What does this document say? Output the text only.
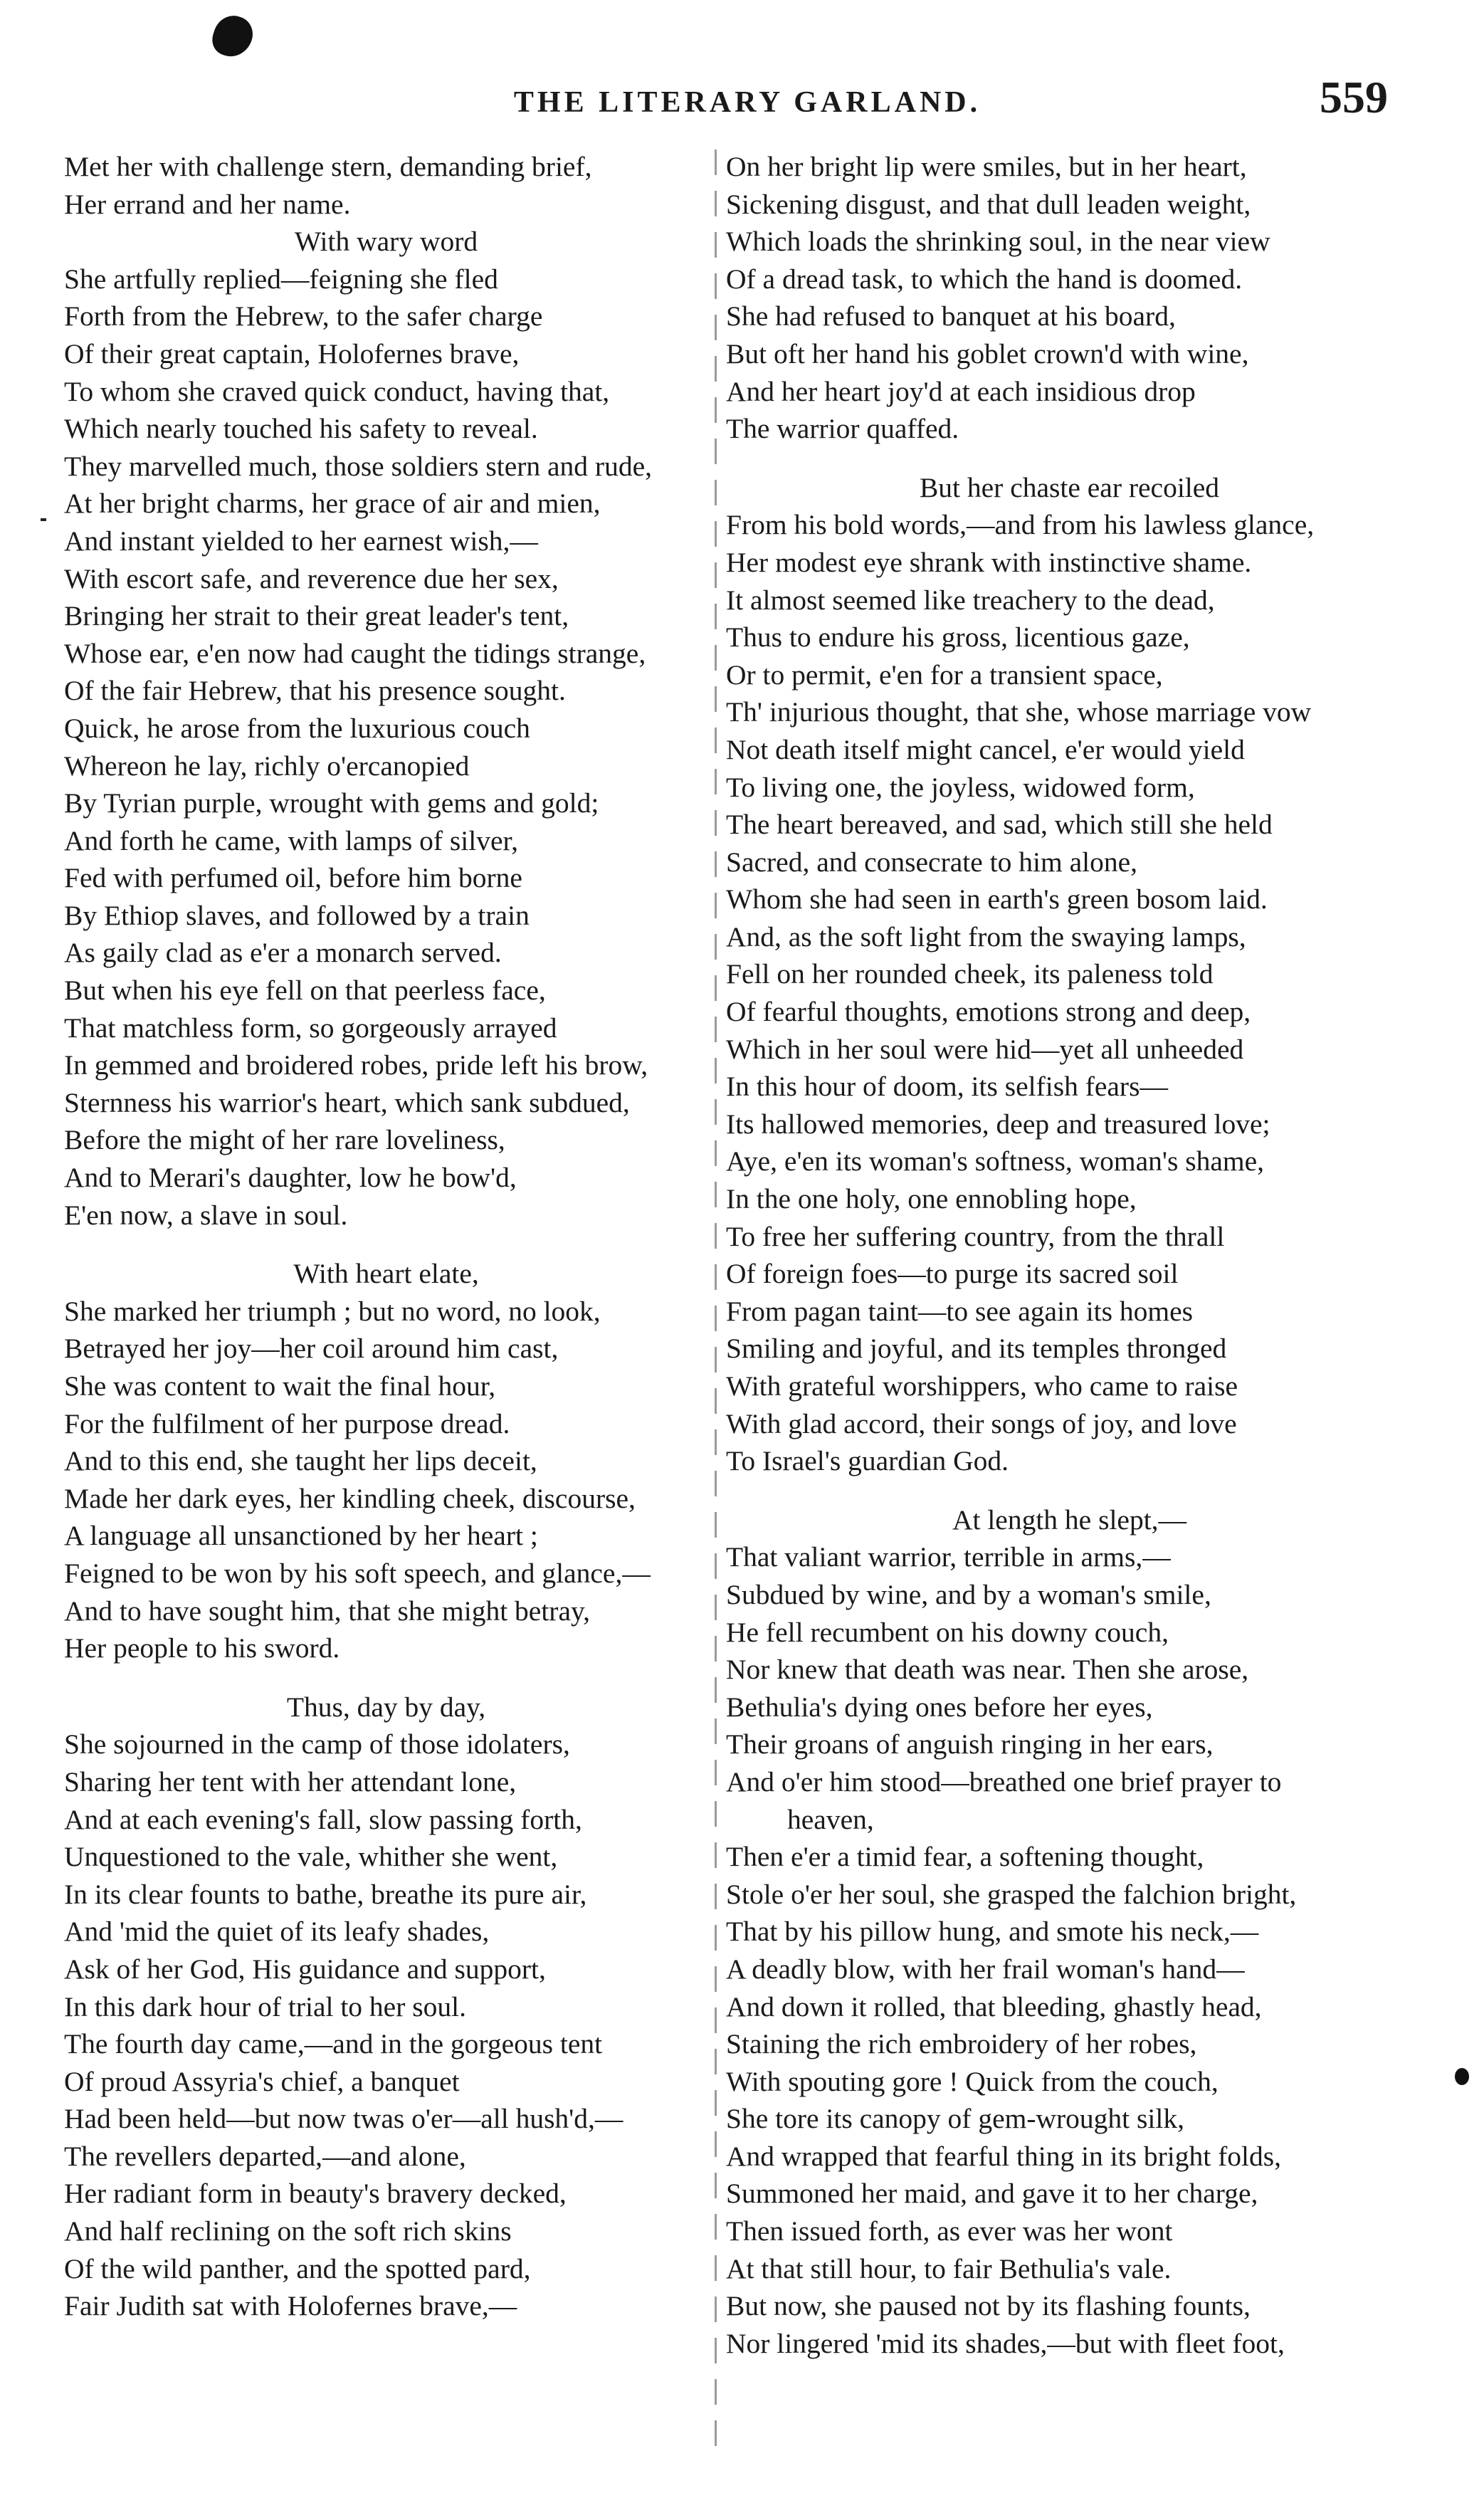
THE LITERARY GARLAND.	559
Met her with challenge stern, demanding brief,
Her errand and her name.
With wary word
She artfully replied—feigning she fled
Forth from the Hebrew, to the safer charge
Of their great captain, Holofernes brave,
To whom she craved quick conduct, having that,
Which nearly touched his safety to reveal.
They marvelled much, those soldiers stern and rude,
At her bright charms, her grace of air and mien,
And instant yielded to her earnest wish,—
With escort safe, and reverence due her sex,
Bringing her strait to their great leader's tent,
Whose ear, e'en now had caught the tidings strange,
Of the fair Hebrew, that his presence sought.
Quick, he arose from the luxurious couch
Whereon he lay, richly o'ercanopied
By Tyrian purple, wrought with gems and gold;
And forth he came, with lamps of silver,
Fed with perfumed oil, before him borne
By Ethiop slaves, and followed by a train
As gaily clad as e'er a monarch served.
But when his eye fell on that peerless face,
That matchless form, so gorgeously arrayed
In gemmed and broidered robes, pride left his brow,
Sternness his warrior's heart, which sank subdued,
Before the might of her rare loveliness,
And to Merari's daughter, low he bow'd,
E'en now, a slave in soul.
With heart elate,
She marked her triumph ; but no word, no look,
Betrayed her joy—her coil around him cast,
She was content to wait the final hour,
For the fulfilment of her purpose dread.
And to this end, she taught her lips deceit,
Made her dark eyes, her kindling cheek, discourse,
A language all unsanctioned by her heart ;
Feigned to be won by his soft speech, and glance,—
And to have sought him, that she might betray,
Her people to his sword.
Thus, day by day,
She sojourned in the camp of those idolaters,
Sharing her tent with her attendant lone,
And at each evening's fall, slow passing forth,
Unquestioned to the vale, whither she went,
In its clear founts to bathe, breathe its pure air,
And 'mid the quiet of its leafy shades,
Ask of her God, His guidance and support,
In this dark hour of trial to her soul.
The fourth day came,—and in the gorgeous tent
Of proud Assyria's chief, a banquet
Had been held—but now twas o'er—all hush'd,—
The revellers departed,—and alone,
Her radiant form in beauty's bravery decked,
And half reclining on the soft rich skins
Of the wild panther, and the spotted pard,
Fair Judith sat with Holofernes brave,—
On her bright lip were smiles, but in her heart,
Sickening disgust, and that dull leaden weight,
Which loads the shrinking soul, in the near view
Of a dread task, to which the hand is doomed.
She had refused to banquet at his board,
But oft her hand his goblet crown'd with wine,
And her heart joy'd at each insidious drop
The warrior quaffed.
But her chaste ear recoiled
From his bold words,—and from his lawless glance,
Her modest eye shrank with instinctive shame.
It almost seemed like treachery to the dead,
Thus to endure his gross, licentious gaze,
Or to permit, e'en for a transient space,
Th' injurious thought, that she, whose marriage vow
Not death itself might cancel, e'er would yield
To living one, the joyless, widowed form,
The heart bereaved, and sad, which still she held
Sacred, and consecrate to him alone,
Whom she had seen in earth's green bosom laid.
And, as the soft light from the swaying lamps,
Fell on her rounded cheek, its paleness told
Of fearful thoughts, emotions strong and deep,
Which in her soul were hid—yet all unheeded
In this hour of doom, its selfish fears—
Its hallowed memories, deep and treasured love;
Aye, e'en its woman's softness, woman's shame,
In the one holy, one ennobling hope,
To free her suffering country, from the thrall
Of foreign foes—to purge its sacred soil
From pagan taint—to see again its homes
Smiling and joyful, and its temples thronged
With grateful worshippers, who came to raise
With glad accord, their songs of joy, and love
To Israel's guardian God.
At length he slept,—
That valiant warrior, terrible in arms,—
Subdued by wine, and by a woman's smile,
He fell recumbent on his downy couch,
Nor knew that death was near. Then she arose,
Bethulia's dying ones before her eyes,
Their groans of anguish ringing in her ears,
And o'er him stood—breathed one brief prayer to
heaven,
Then e'er a timid fear, a softening thought,
Stole o'er her soul, she grasped the falchion bright,
That by his pillow hung, and smote his neck,—
A deadly blow, with her frail woman's hand—
And down it rolled, that bleeding, ghastly head,
Staining the rich embroidery of her robes,
With spouting gore ! Quick from the couch,
She tore its canopy of gem-wrought silk,
And wrapped that fearful thing in its bright folds,
Summoned her maid, and gave it to her charge,
Then issued forth, as ever was her wont
At that still hour, to fair Bethulia's vale.
But now, she paused not by its flashing founts,
Nor lingered 'mid its shades,—but with fleet foot,
